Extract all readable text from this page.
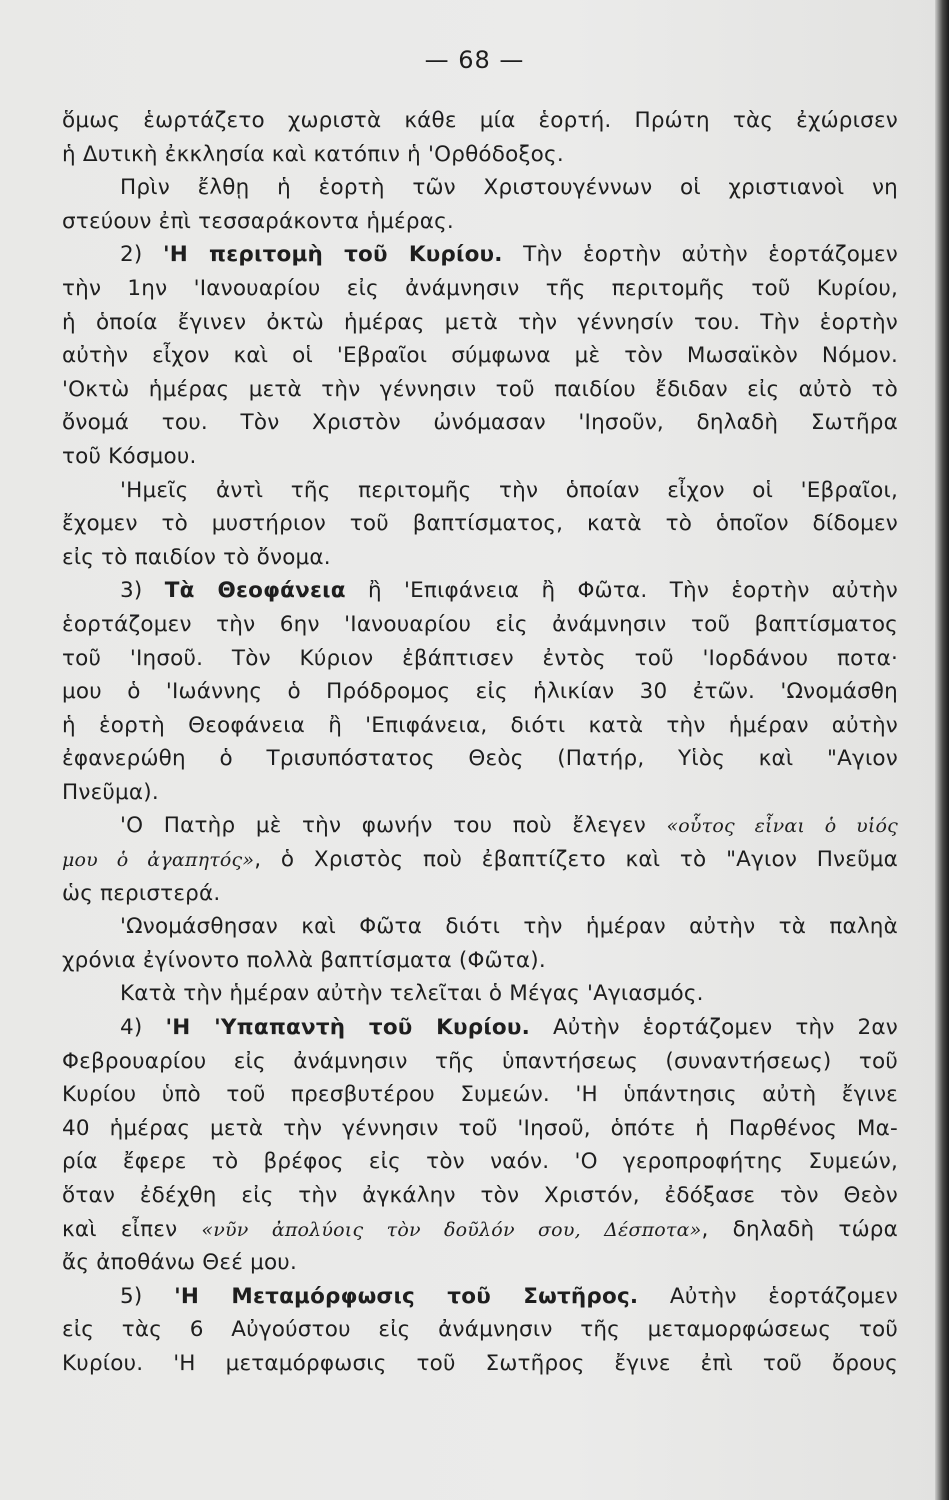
— 68 —
ὅμως ἑωρτάζετο χωριστὰ κάθε μία ἑορτή. Πρώτη τὰς ἐχώρισεν
ἡ Δυτικὴ ἐκκλησία καὶ κατόπιν ἡ 'Ορθόδοξος.
Πρὶν ἔλθῃ ἡ ἑορτὴ τῶν Χριστουγέννων οἱ χριστιανοὶ νη
στεύουν ἐπὶ τεσσαράκοντα ἡμέρας.
2) 'Η περιτομὴ τοῦ Κυρίου. Τὴν ἑορτὴν αὐτὴν ἑορτάζομεν
τὴν 1ην 'Ιανουαρίου εἰς ἀνάμνησιν τῆς περιτομῆς τοῦ Κυρίου,
ἡ ὁποία ἔγινεν ὀκτὼ ἡμέρας μετὰ τὴν γέννησίν του. Τὴν ἑορτὴν
αὐτὴν εἶχον καὶ οἱ 'Εβραῖοι σύμφωνα μὲ τὸν Μωσαϊκὸν Νόμον.
'Οκτὼ ἡμέρας μετὰ τὴν γέννησιν τοῦ παιδίου ἔδιδαν εἰς αὐτὸ τὸ
ὄνομά του. Τὸν Χριστὸν ὠνόμασαν 'Ιησοῦν, δηλαδὴ Σωτῆρα
τοῦ Κόσμου.
'Ημεῖς ἀντὶ τῆς περιτομῆς τὴν ὁποίαν εἶχον οἱ 'Εβραῖοι,
ἔχομεν τὸ μυστήριον τοῦ βαπτίσματος, κατὰ τὸ ὁποῖον δίδομεν
εἰς τὸ παιδίον τὸ ὄνομα.
3) Τὰ Θεοφάνεια ἢ 'Επιφάνεια ἢ Φῶτα. Τὴν ἑορτὴν αὐτὴν
ἑορτάζομεν τὴν 6ην 'Ιανουαρίου εἰς ἀνάμνησιν τοῦ βαπτίσματος
τοῦ 'Ιησοῦ. Τὸν Κύριον ἐβάπτισεν ἐντὸς τοῦ 'Ιορδάνου ποτα·
μου ὁ 'Ιωάννης ὁ Πρόδρομος εἰς ἡλικίαν 30 ἐτῶν. 'Ωνομάσθη
ἡ ἑορτὴ Θεοφάνεια ἢ 'Επιφάνεια, διότι κατὰ τὴν ἡμέραν αὐτὴν
ἐφανερώθη ὁ Τρισυπόστατος Θεὸς (Πατήρ, Υἱὸς καὶ "Αγιον
Πνεῦμα).
'Ο Πατὴρ μὲ τὴν φωνήν του ποὺ ἔλεγεν «οὗτος εἶναι ὁ υἱός
μου ὁ ἀγαπητός», ὁ Χριστὸς ποὺ ἐβαπτίζετο καὶ τὸ "Αγιον Πνεῦμα
ὡς περιστερά.
'Ωνομάσθησαν καὶ Φῶτα διότι τὴν ἡμέραν αὐτὴν τὰ παληὰ
χρόνια ἐγίνοντο πολλὰ βαπτίσματα (Φῶτα).
Κατὰ τὴν ἡμέραν αὐτὴν τελεῖται ὁ Μέγας 'Αγιασμός.
4) 'Η 'Υπαπαντὴ τοῦ Κυρίου. Αὐτὴν ἑορτάζομεν τὴν 2αν
Φεβρουαρίου εἰς ἀνάμνησιν τῆς ὑπαντήσεως (συναντήσεως) τοῦ
Κυρίου ὑπὸ τοῦ πρεσβυτέρου Συμεών. 'Η ὑπάντησις αὐτὴ ἔγινε
40 ἡμέρας μετὰ τὴν γέννησιν τοῦ 'Ιησοῦ, ὁπότε ἡ Παρθένος Μα-
ρία ἔφερε τὸ βρέφος εἰς τὸν ναόν. 'Ο γεροπροφήτης Συμεών,
ὅταν ἐδέχθη εἰς τὴν ἀγκάλην τὸν Χριστόν, ἐδόξασε τὸν Θεὸν
καὶ εἶπεν «νῦν ἀπολύοις τὸν δοῦλόν σου, Δέσποτα», δηλαδὴ τώρα
ἄς ἀποθάνω Θεέ μου.
5) 'Η Μεταμόρφωσις τοῦ Σωτῆρος. Αὐτὴν ἑορτάζομεν
εἰς τὰς 6 Αὐγούστου εἰς ἀνάμνησιν τῆς μεταμορφώσεως τοῦ
Κυρίου. 'Η μεταμόρφωσις τοῦ Σωτῆρος ἔγινε ἐπὶ τοῦ ὄρους
